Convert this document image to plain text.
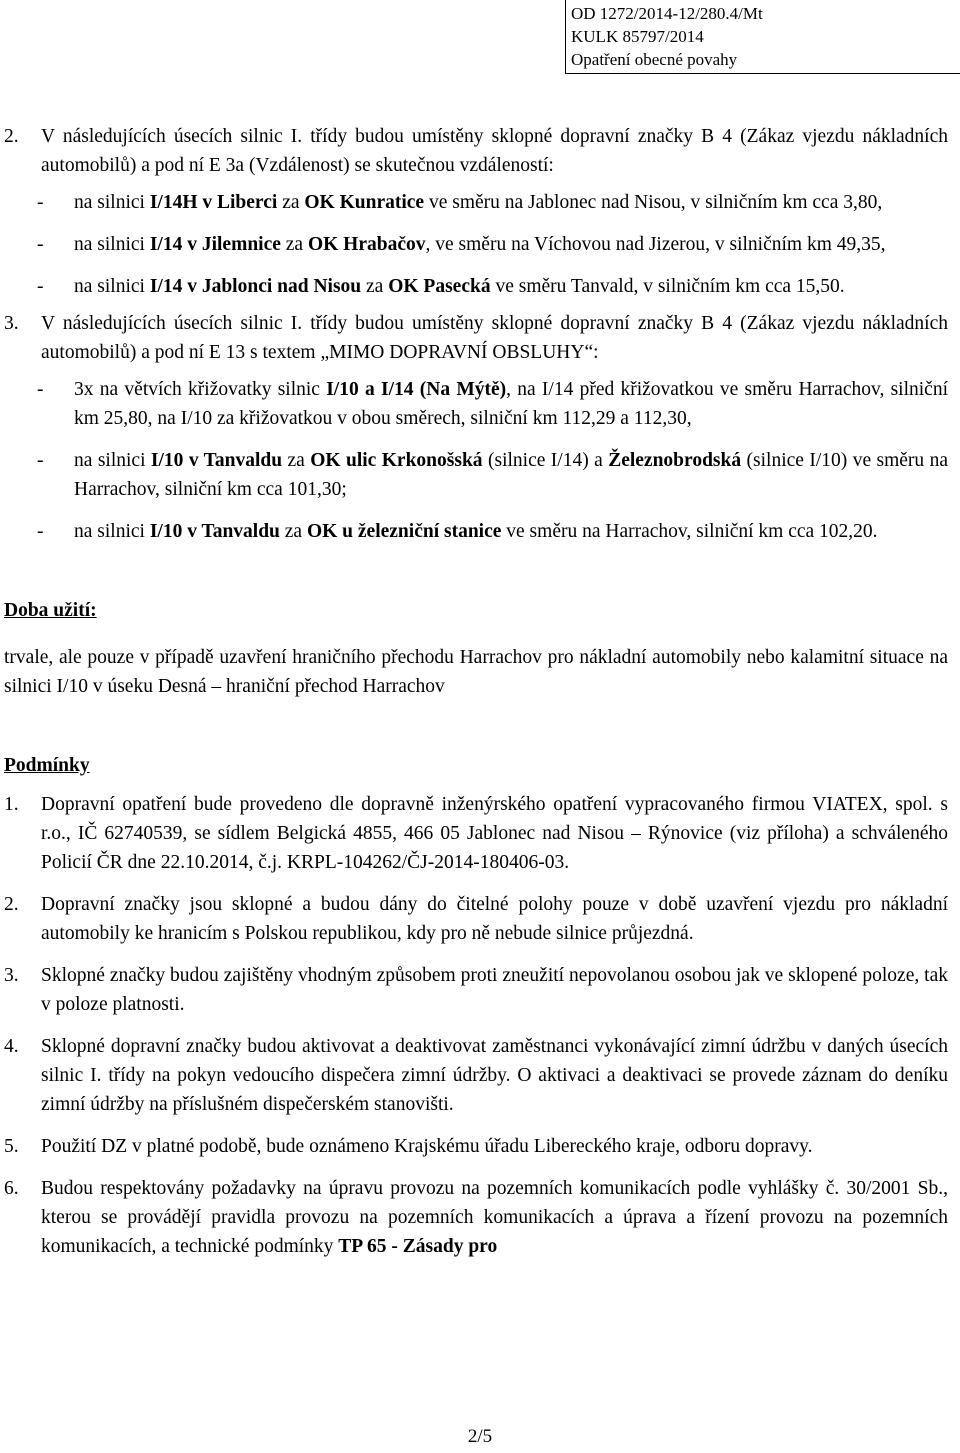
OD 1272/2014-12/280.4/Mt
KULK 85797/2014
Opatření obecné povahy
2. V následujících úsecích silnic I. třídy budou umístěny sklopné dopravní značky B 4 (Zákaz vjezdu nákladních automobilů) a pod ní E 3a (Vzdálenost) se skutečnou vzdáleností:
- na silnici I/14H v Liberci za OK Kunratice ve směru na Jablonec nad Nisou, v silničním km cca 3,80,
- na silnici I/14 v Jilemnice za OK Hrabačov, ve směru na Víchovou nad Jizerou, v silničním km 49,35,
- na silnici I/14 v Jablonci nad Nisou za OK Pasecká ve směru Tanvald, v silničním km cca 15,50.
3. V následujících úsecích silnic I. třídy budou umístěny sklopné dopravní značky B 4 (Zákaz vjezdu nákladních automobilů) a pod ní E 13 s textem „MIMO DOPRAVNÍ OBSLUHY“:
- 3x na větvích křižovatky silnic I/10 a I/14 (Na Mýtě), na I/14 před křižovatkou ve směru Harrachov, silniční km 25,80, na I/10 za křižovatkou v obou směrech, silniční km 112,29 a 112,30,
- na silnici I/10 v Tanvaldu za OK ulic Krkonošská (silnice I/14) a Železnobrodská (silnice I/10) ve směru na Harrachov, silniční km cca 101,30;
- na silnici I/10 v Tanvaldu za OK u železniční stanice ve směru na Harrachov, silniční km cca 102,20.
Doba užití:
trvale, ale pouze v případě uzavření hraničního přechodu Harrachov pro nákladní automobily nebo kalamitní situace na silnici I/10 v úseku Desná – hraniční přechod Harrachov
Podmínky
1. Dopravní opatření bude provedeno dle dopravně inženýrského opatření vypracovaného firmou VIATEX, spol. s r.o., IČ 62740539, se sídlem Belgická 4855, 466 05 Jablonec nad Nisou – Rýnovice (viz příloha) a schváleného Policií ČR dne 22.10.2014, č.j. KRPL-104262/ČJ-2014-180406-03.
2. Dopravní značky jsou sklopné a budou dány do čitelné polohy pouze v době uzavření vjezdu pro nákladní automobily ke hranicím s Polskou republikou, kdy pro ně nebude silnice průjezdná.
3. Sklopné značky budou zajištěny vhodným způsobem proti zneužití nepovolanou osobou jak ve sklopené poloze, tak v poloze platnosti.
4. Sklopné dopravní značky budou aktivovat a deaktivovat zaměstnanci vykonávající zimní údržbu v daných úsecích silnic I. třídy na pokyn vedoucího dispečera zimní údržby. O aktivaci a deaktivaci se provede záznam do deníku zimní údržby na příslušném dispečerském stanovišti.
5. Použití DZ v platné podobě, bude oznámeno Krajskému úřadu Libereckého kraje, odboru dopravy.
6. Budou respektovány požadavky na úpravu provozu na pozemních komunikacích podle vyhlášky č. 30/2001 Sb., kterou se provádějí pravidla provozu na pozemních komunikacích a úprava a řízení provozu na pozemních komunikacích, a technické podmínky TP 65 - Zásady pro
2/5
